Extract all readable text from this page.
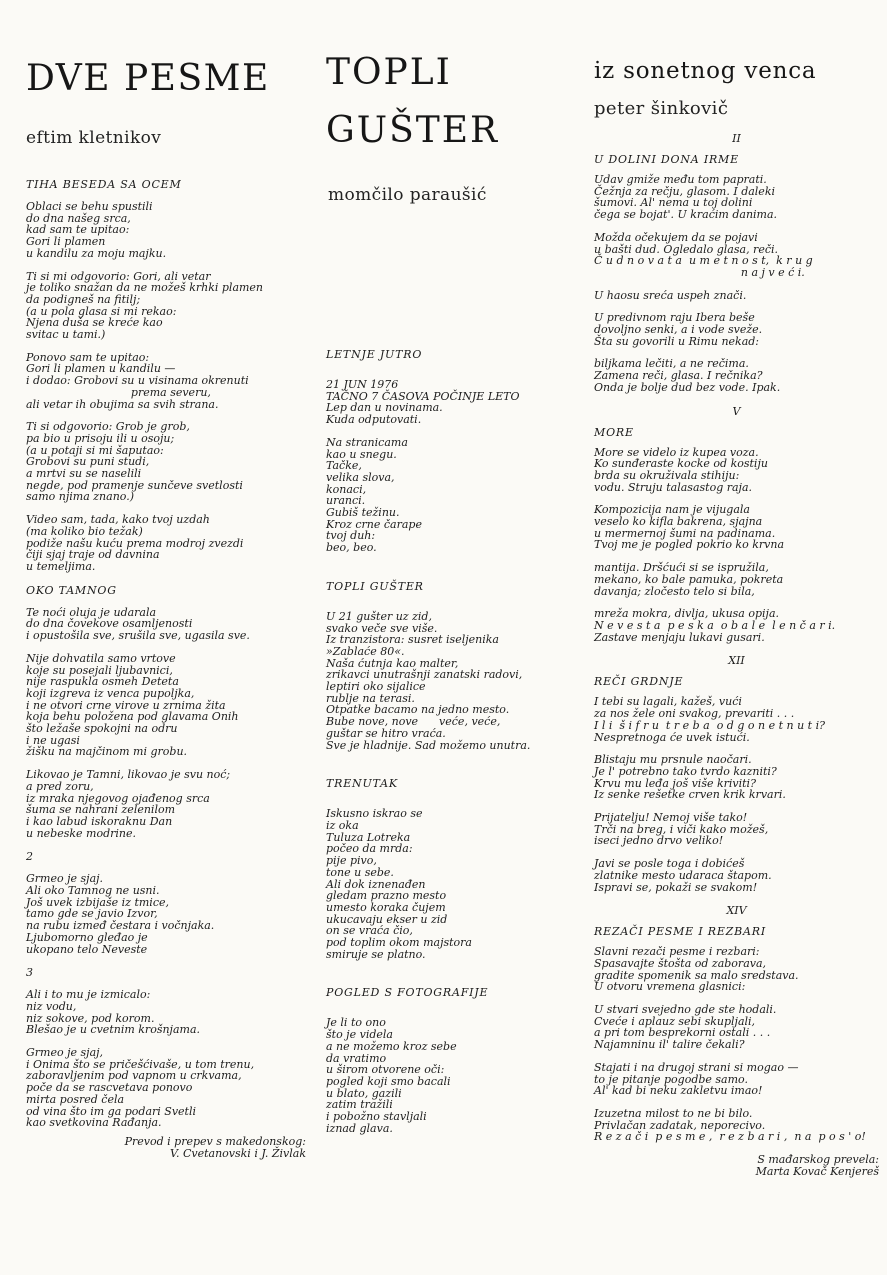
DVE PESME
eftim kletnikov
TIHA BESEDA SA OCEM
Oblaci se behu spustili
do dna našeg srca,
kad sam te upitao:
Gori li plamen
u kandilu za moju majku.
Ti si mi odgovorio: Gori, ali vetar
je toliko snažan da ne možeš krhki plamen
da podigneš na fitilj;
(a u pola glasa si mi rekao:
Njena duša se kreće kao
svitac u tami.)
Ponovo sam te upitao:
Gori li plamen u kandilu —
i dodao: Grobovi su u visinama okrenuti
prema severu,
ali vetar ih obujima sa svih strana.
Ti si odgovorio: Grob je grob,
pa bio u prisoju ili u osoju;
(a u potaji si mi šaputao:
Grobovi su puni studi,
a mrtvi su se naselili
negde, pod pramenje sunčeve svetlosti
samo njima znano.)
Video sam, tada, kako tvoj uzdah
(ma koliko bio težak)
podiže našu kuću prema modroj zvezdi
čiji sjaj traje od davnina
u temeljima.
OKO TAMNOG
Te noći oluja je udarala
do dna čovekove osamljenosti
i opustošila sve, srušila sve, ugasila sve.
Nije dohvatila samo vrtove
koje su posejali ljubavnici,
nije raspukla osmeh Deteta
koji izgreva iz venca pupoljka,
i ne otvori crne virove u zrnima žita
koja behu položena pod glavama Onih
što ležaše spokojni na odru
i ne ugasi
žišku na majčinom mi grobu.
Likovao je Tamni, likovao je svu noć;
a pred zoru,
iz mraka njegovog ojađenog srca
šuma se nahrani zelenilom
i kao labud iskoraknu Dan
u nebeske modrine.
2
Grmeo je sjaj.
Ali oko Tamnog ne usni.
Još uvek izbijaše iz tmice,
tamo gde se javio Izvor,
na rubu izmeđ čestara i vočnjaka.
Ljubomorno gleđao je
ukopano telo Neveste
3
Ali i to mu je izmicalo:
niz vodu,
niz sokove, pod korom.
Blešao je u cvetnim krošnjama.
Grmeo je sjaj,
i Onima što se pričešćivaše, u tom trenu,
zaboravljenim pod vapnom u crkvama,
poče da se rascvetava ponovo
mirta posred čela
od vina što im ga podari Svetli
kao svetkovina Rađanja.
Prevod i prepev s makedonskog:
V. Cvetanovski i J. Živlak
TOPLI
GUŠTER
momčilo paraušić
LETNJE JUTRO
21 JUN 1976
TAČNO 7 ČASOVA POČINJE LETO
Lep dan u novinama.
Kuda odputovati.
Na stranicama
kao u snegu.
Tačke,
velika slova,
konaci,
uranci.
Gubiš težinu.
Kroz crne čarape
tvoj duh:
beo, beo.
TOPLI GUŠTER
U 21 gušter uz zid,
svako veče sve više.
Iz tranzistora: susret iseljenika
»Zablaće 80«.
Naša ćutnja kao malter,
zrikavci unutrašnji zanatski radovi,
leptiri oko sijalice
rublje na terasi.
Otpatke bacamo na jedno mesto.
Bube nove, nove      veće, veće,
guštar se hitro vraća.
Sve je hladnije. Sad možemo unutra.
TRENUTAK
Iskusno iskrao se
iz oka
Tuluza Lotreka
počeo da mrda:
pije pivo,
tone u sebe.
Ali dok iznenađen
gledam prazno mesto
umesto koraka čujem
ukucavaju ekser u zid
on se vraća čio,
pod toplim okom majstora
smiruje se platno.
POGLED S FOTOGRAFIJE
Je li to ono
što je videla
a ne možemo kroz sebe
da vratimo
u širom otvorene oči:
pogled koji smo bacali
u blato, gazili
zatim tražili
i pobožno stavljali
iznad glava.
iz sonetnog venca
peter šinkovič
II
U DOLINI DONA IRME
Udav gmiže među tom paprati.
Čežnja za rečju, glasom. I daleki
šumovi. Al' nema u toj dolini
čega se bojat'. U kraćim danima.
Možda očekujem da se pojavi
u bašti dud. Ogledalo glasa, reči.
Č u d n o v a t a  u m e t n o s t,  k r u g
n a j v e ć i.
U haosu sreća uspeh znači.
U predivnom raju Ibera beše
dovoljno senki, a i vode sveže.
Šta su govorili u Rimu nekad:
biljkama lečiti, a ne rečima.
Zamena reči, glasa. I rečnika?
Onda je bolje dud bez vode. Ipak.
V
MORE
More se videlo iz kupea voza.
Ko sunđeraste kocke od kostiju
brda su okruživala stihiju:
vodu. Struju talasastog raja.
Kompozicija nam je vijugala
veselo ko kifla bakrena, sjajna
u mermernoj šumi na padinama.
Tvoj me je pogled pokrio ko krvna
mantija. Dršćući si se ispružila,
mekano, ko bale pamuka, pokreta
davanja; zločesto telo si bila,
mreža mokra, divlja, ukusa opija.
N e v e s t a  p e s k a  o b a l e  l e n č a r i.
Zastave menjaju lukavi gusari.
XII
REČI GRDNJE
I tebi su lagali, kažeš, vući
za nos žele oni svakog, prevariti . . .
I l i  š i f r u  t r e b a  o d g o n e t n u t i?
Nespretnoga će uvek istući.
Blistaju mu prsnule naočari.
Je l' potrebno tako tvrdo kazniti?
Krvu mu leđa još više kriviti?
Iz senke rešetke crven krik krvari.
Prijatelju! Nemoj više tako!
Trči na breg, i viči kako možeš,
iseci jedno drvo veliko!
Javi se posle toga i dobićeš
zlatnike mesto udaraca štapom.
Ispravi se, pokaži se svakom!
XIV
REZAČI PESME I REZBARI
Slavni rezači pesme i rezbari:
Spasavajte štošta od zaborava,
gradite spomenik sa malo sredstava.
U otvoru vremena glasnici:
U stvari svejedno gde ste hodali.
Cveće i aplauz sebi skupljali,
a pri tom besprekorni ostali . . .
Najamninu il' talire čekali?
Stajati i na drugoj strani si mogao —
to je pitanje pogodbe samo.
Al' kad bi neku zakletvu imao!
Izuzetna milost to ne bi bilo.
Privlačan zadatak, neporecivo.
R e z a č i  p e s m e ,  r e z b a r i ,  n a  p o s ' o!
S mađarskog prevela:
Marta Kovač Kenjereš
